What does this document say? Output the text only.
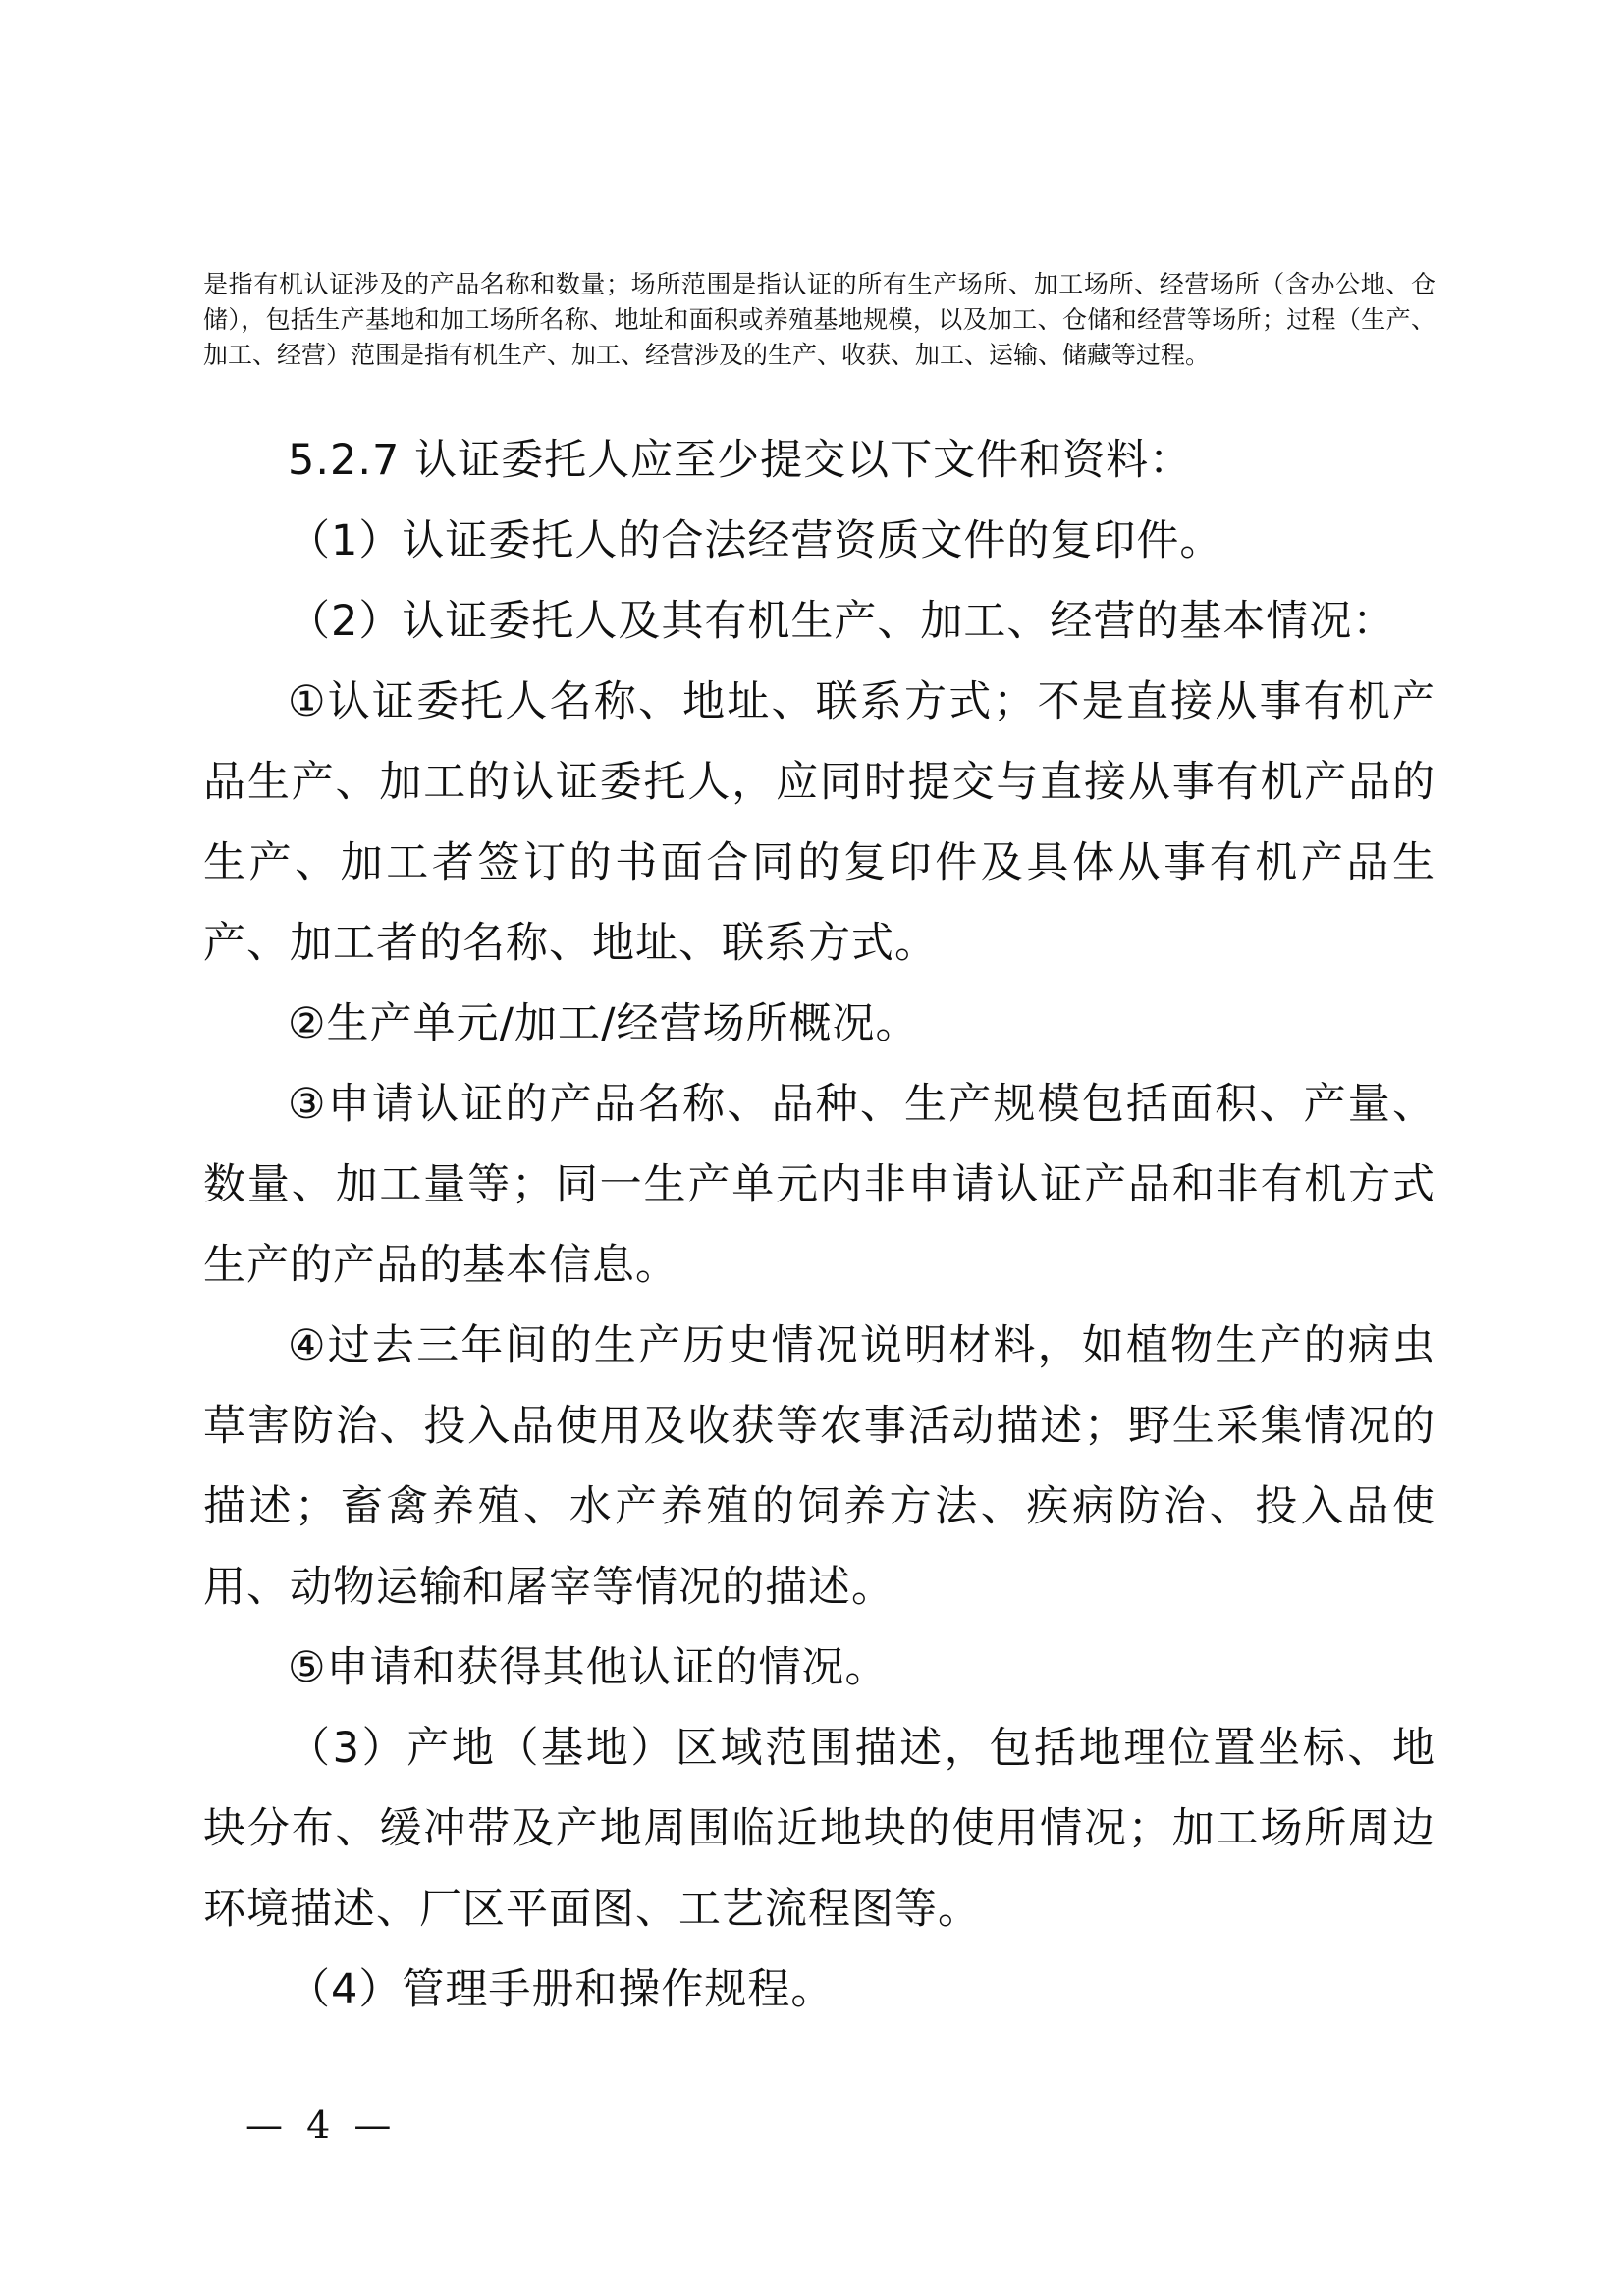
是指有机认证涉及的产品名称和数量；场所范围是指认证的所有生产场所、加工场所、经营场所（含办公地、仓储），包括生产基地和加工场所名称、地址和面积或养殖基地规模，以及加工、仓储和经营等场所；过程（生产、加工、经营）范围是指有机生产、加工、经营涉及的生产、收获、加工、运输、储藏等过程。

5.2.7 认证委托人应至少提交以下文件和资料：

（1）认证委托人的合法经营资质文件的复印件。

（2）认证委托人及其有机生产、加工、经营的基本情况：

①认证委托人名称、地址、联系方式；不是直接从事有机产品生产、加工的认证委托人，应同时提交与直接从事有机产品的生产、加工者签订的书面合同的复印件及具体从事有机产品生产、加工者的名称、地址、联系方式。

②生产单元/加工/经营场所概况。

③申请认证的产品名称、品种、生产规模包括面积、产量、数量、加工量等；同一生产单元内非申请认证产品和非有机方式生产的产品的基本信息。

④过去三年间的生产历史情况说明材料，如植物生产的病虫草害防治、投入品使用及收获等农事活动描述；野生采集情况的描述；畜禽养殖、水产养殖的饲养方法、疾病防治、投入品使用、动物运输和屠宰等情况的描述。

⑤申请和获得其他认证的情况。

（3）产地（基地）区域范围描述，包括地理位置坐标、地块分布、缓冲带及产地周围临近地块的使用情况；加工场所周边环境描述、厂区平面图、工艺流程图等。

（4）管理手册和操作规程。

— 4 —
